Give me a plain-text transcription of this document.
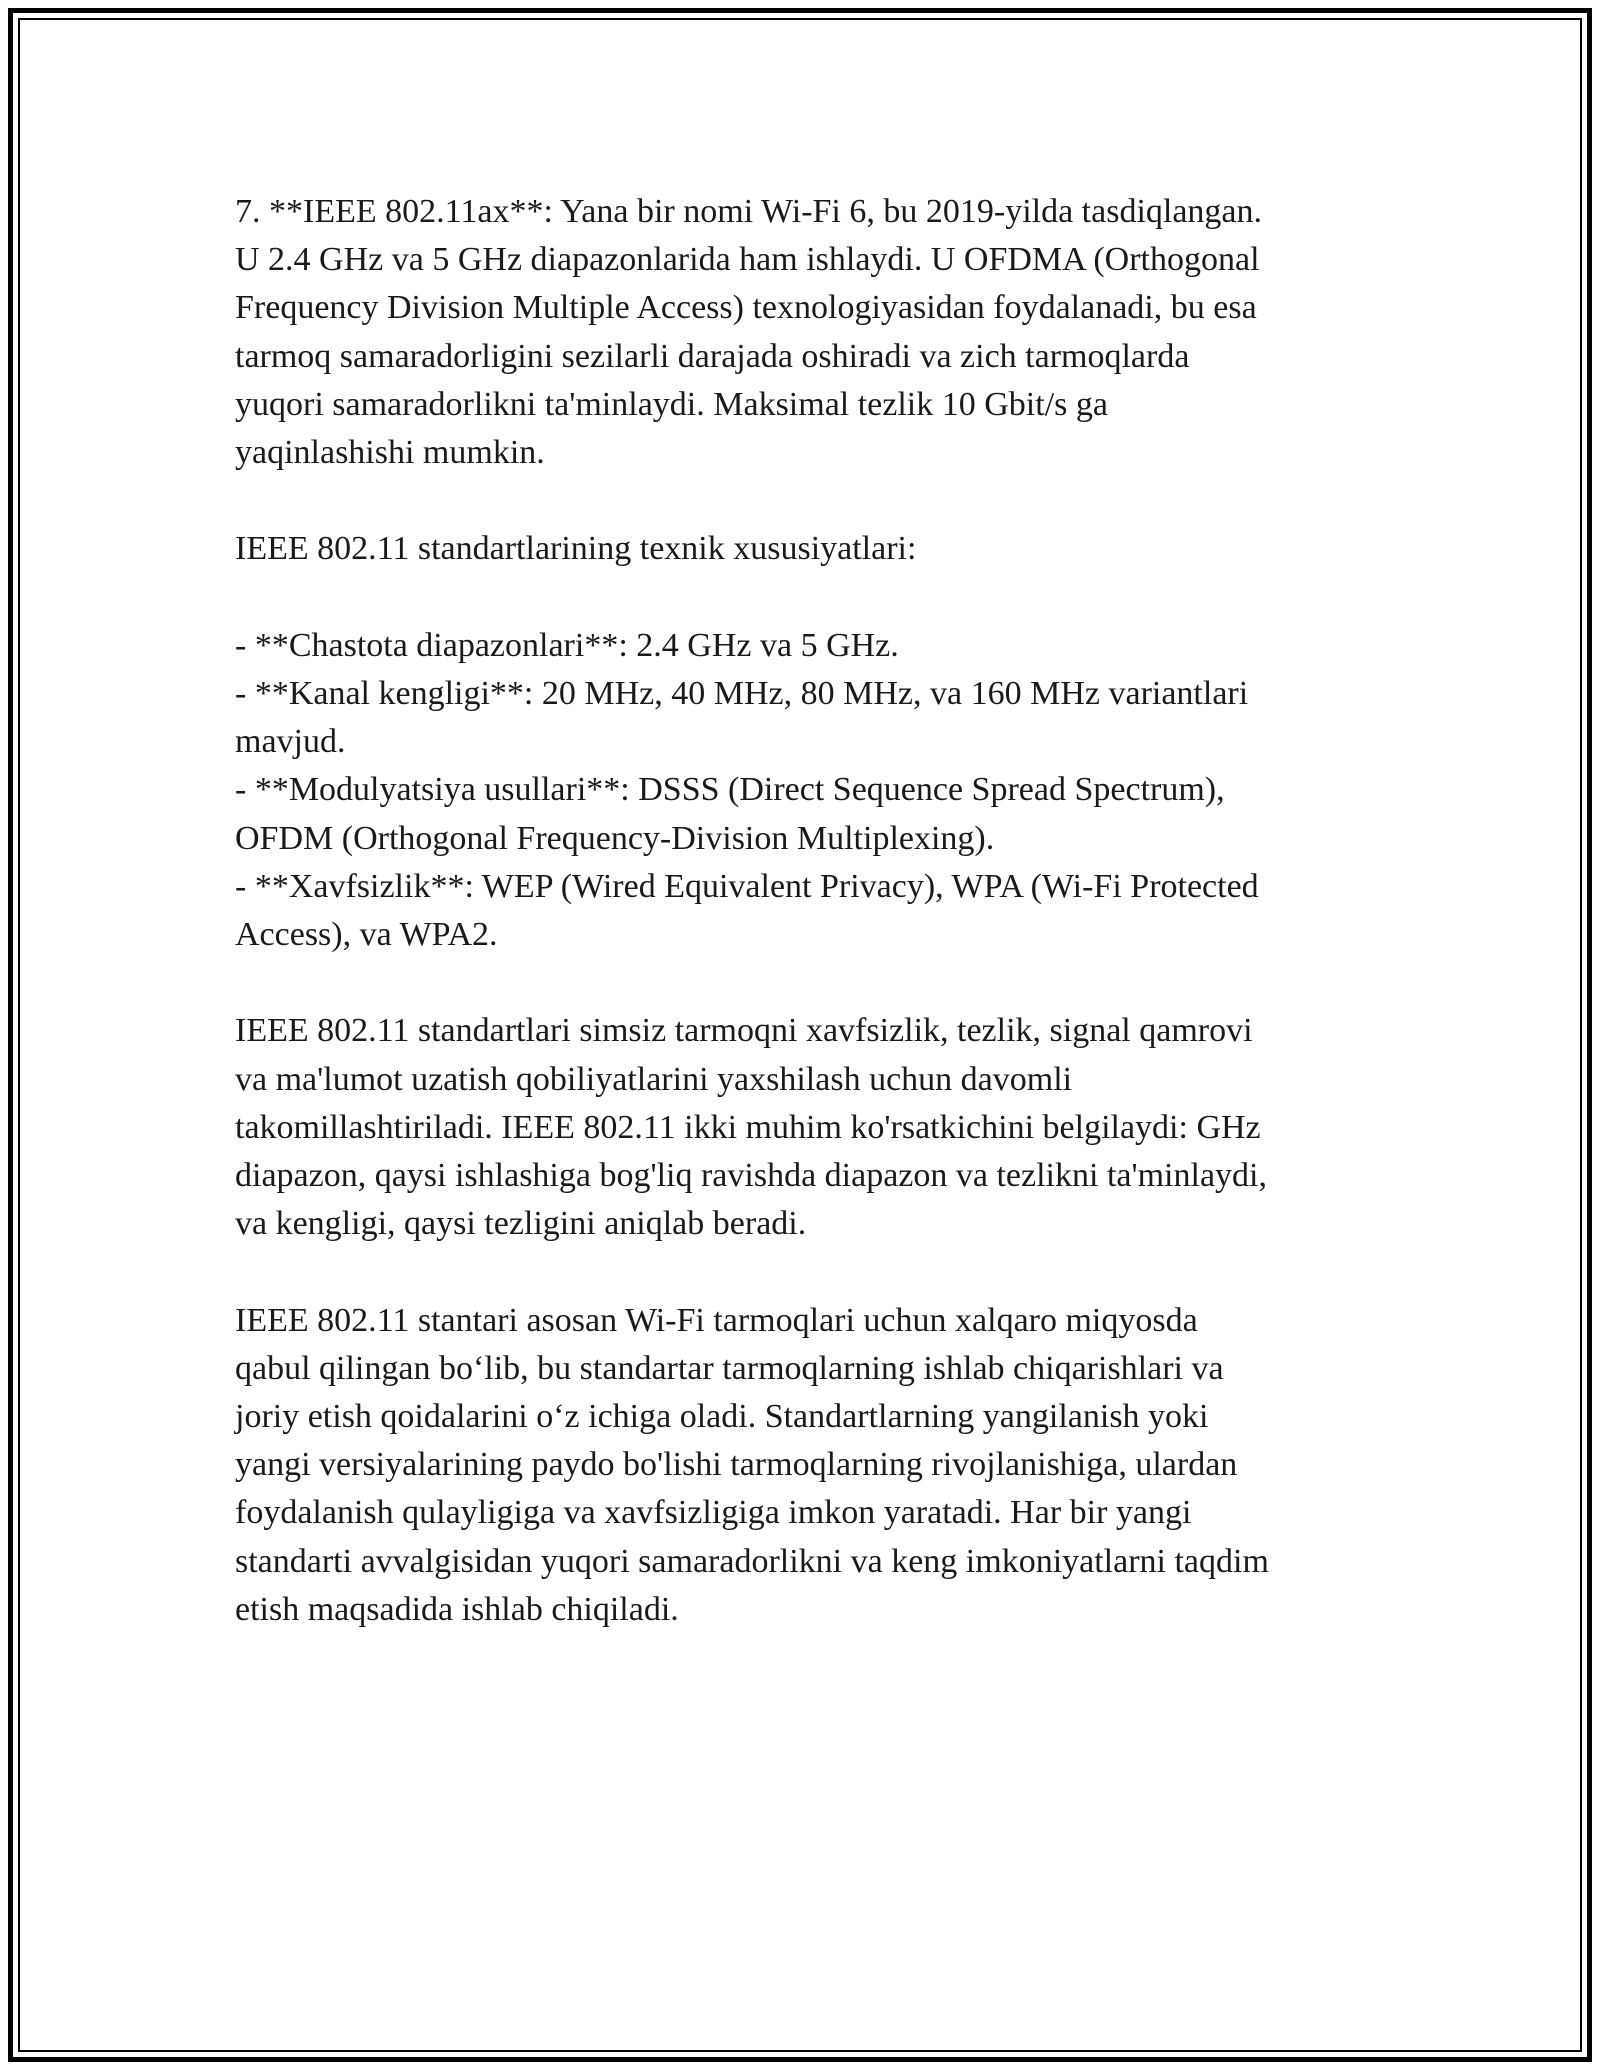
7. **IEEE 802.11ax**: Yana bir nomi Wi-Fi 6, bu 2019-yilda tasdiqlangan.
U 2.4 GHz va 5 GHz diapazonlarida ham ishlaydi. U OFDMA (Orthogonal
Frequency Division Multiple Access) texnologiyasidan foydalanadi, bu esa
tarmoq samaradorligini sezilarli darajada oshiradi va zich tarmoqlarda
yuqori samaradorlikni ta'minlaydi. Maksimal tezlik 10 Gbit/s ga
yaqinlashishi mumkin.

IEEE 802.11 standartlarining texnik xususiyatlari:

- **Chastota diapazonlari**: 2.4 GHz va 5 GHz.
- **Kanal kengligi**: 20 MHz, 40 MHz, 80 MHz, va 160 MHz variantlari
mavjud.
- **Modulyatsiya usullari**: DSSS (Direct Sequence Spread Spectrum),
OFDM (Orthogonal Frequency-Division Multiplexing).
- **Xavfsizlik**: WEP (Wired Equivalent Privacy), WPA (Wi-Fi Protected
Access), va WPA2.

IEEE 802.11 standartlari simsiz tarmoqni xavfsizlik, tezlik, signal qamrovi
va ma'lumot uzatish qobiliyatlarini yaxshilash uchun davomli
takomillashtiriladi. IEEE 802.11 ikki muhim ko'rsatkichini belgilaydi: GHz
diapazon, qaysi ishlashiga bog'liq ravishda diapazon va tezlikni ta'minlaydi,
va kengligi, qaysi tezligini aniqlab beradi.

IEEE 802.11 stantari asosan Wi-Fi tarmoqlari uchun xalqaro miqyosda
qabul qilingan boʻlib, bu standartar tarmoqlarning ishlab chiqarishlari va
joriy etish qoidalarini oʻz ichiga oladi. Standartlarning yangilanish yoki
yangi versiyalarining paydo bo'lishi tarmoqlarning rivojlanishiga, ulardan
foydalanish qulayligiga va xavfsizligiga imkon yaratadi. Har bir yangi
standarti avvalgisidan yuqori samaradorlikni va keng imkoniyatlarni taqdim
etish maqsadida ishlab chiqiladi.
